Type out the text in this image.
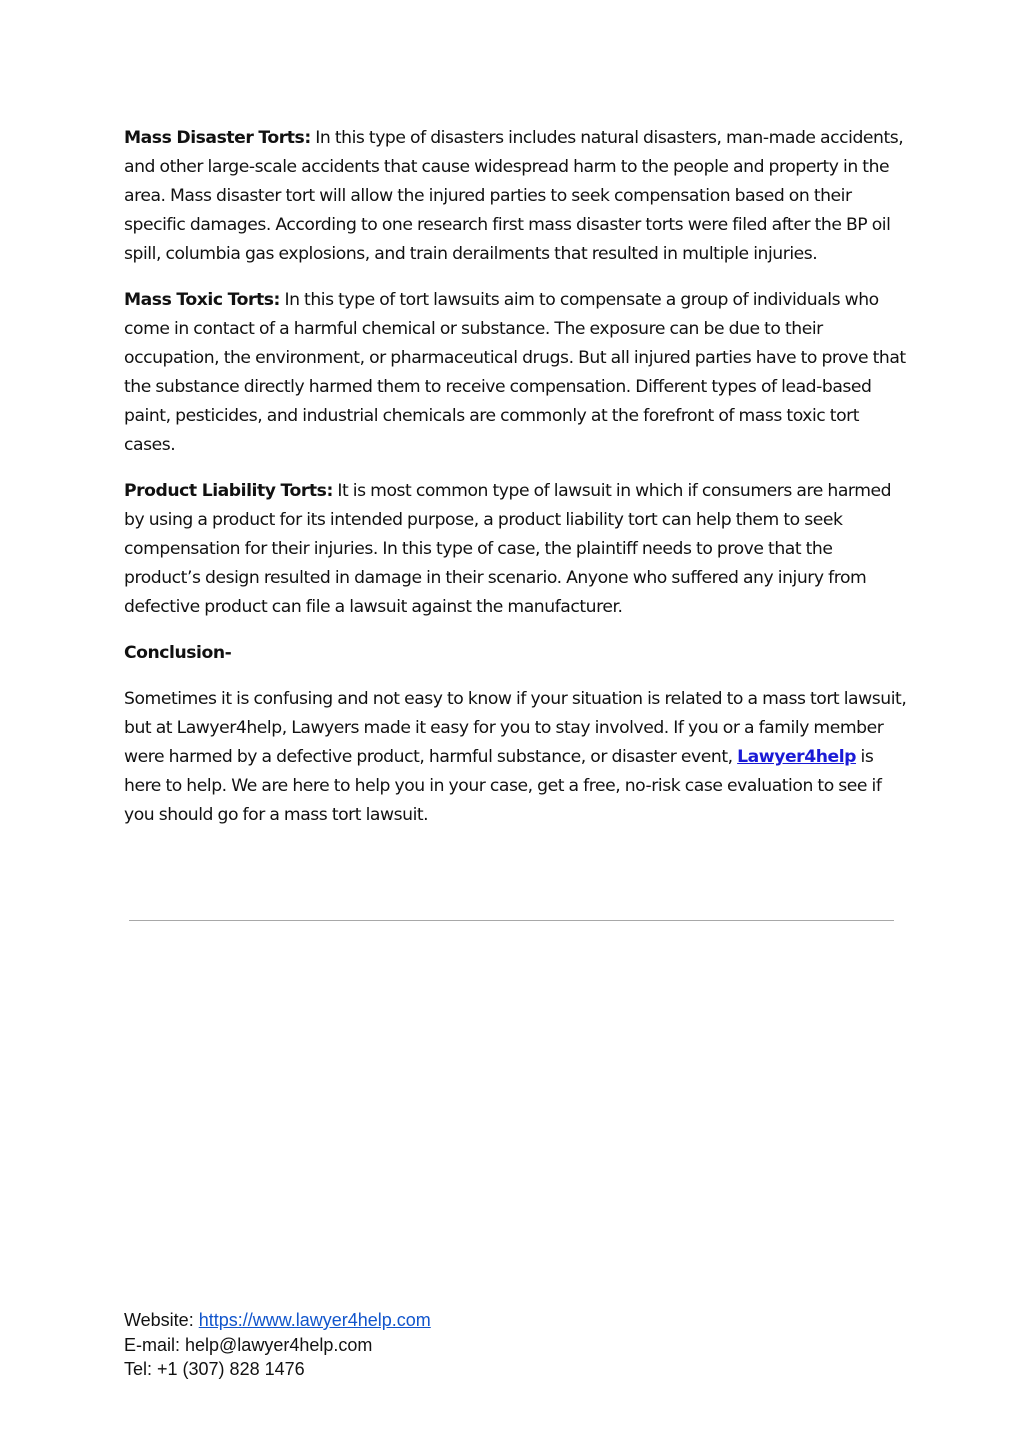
Mass Disaster Torts: In this type of disasters includes natural disasters, man-made accidents, and other large-scale accidents that cause widespread harm to the people and property in the area. Mass disaster tort will allow the injured parties to seek compensation based on their specific damages. According to one research first mass disaster torts were filed after the BP oil spill, columbia gas explosions, and train derailments that resulted in multiple injuries.

Mass Toxic Torts: In this type of tort lawsuits aim to compensate a group of individuals who come in contact of a harmful chemical or substance. The exposure can be due to their occupation, the environment, or pharmaceutical drugs. But all injured parties have to prove that the substance directly harmed them to receive compensation. Different types of lead-based paint, pesticides, and industrial chemicals are commonly at the forefront of mass toxic tort cases.

Product Liability Torts: It is most common type of lawsuit in which if consumers are harmed by using a product for its intended purpose, a product liability tort can help them to seek compensation for their injuries. In this type of case, the plaintiff needs to prove that the product’s design resulted in damage in their scenario. Anyone who suffered any injury from defective product can file a lawsuit against the manufacturer.

Conclusion-

Sometimes it is confusing and not easy to know if your situation is related to a mass tort lawsuit, but at Lawyer4help, Lawyers made it easy for you to stay involved. If you or a family member were harmed by a defective product, harmful substance, or disaster event, Lawyer4help is here to help. We are here to help you in your case, get a free, no-risk case evaluation to see if you should go for a mass tort lawsuit.

Website: https://www.lawyer4help.com
E-mail: help@lawyer4help.com
Tel: +1 (307) 828 1476
